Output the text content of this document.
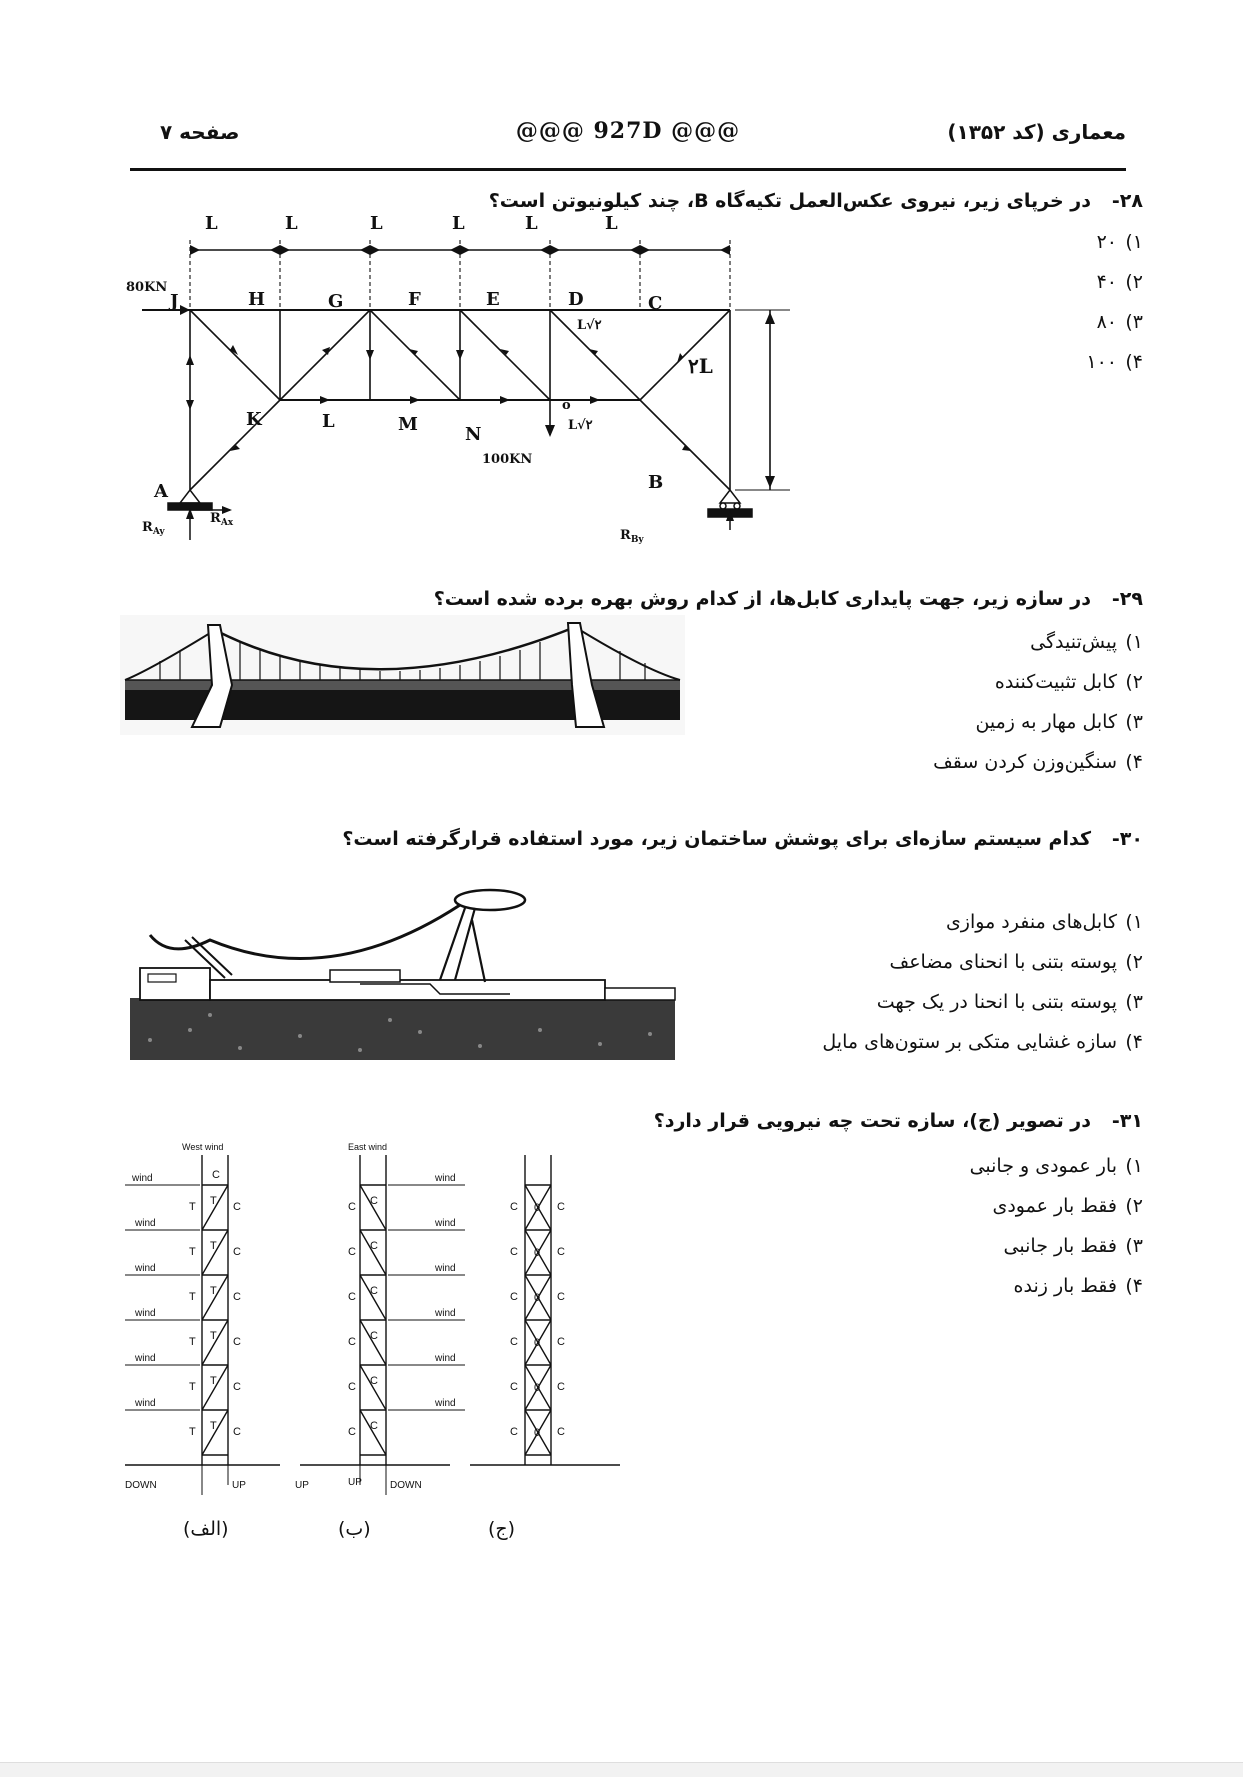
معماری (کد ۱۳۵۲)
@@@ 927D @@@
صفحه ۷
۲۸-در خرپای زیر، نیروی عکس‌العمل تکیه‌گاه B، چند کیلونیوتن است؟
۱)۲۰
۲)۴۰
۳)۸۰
۴)۱۰۰
L	L	L	L	L	L
J	H	G	F	E	D	C
K	L	M	N
A	B
۲L
o
80KN
100KN
L√۲
L√۲
$R_{Ax}$
$R_{Ay}$	$R_{By}$
۲۹-در سازه زیر، جهت پایداری کابل‌ها، از کدام روش بهره برده شده است؟
۱)پیش‌تنیدگی
۲)کابل تثبیت‌کننده
۳)کابل مهار به زمین
۴)سنگین‌وزن کردن سقف
۳۰-کدام سیستم سازه‌ای برای پوشش ساختمان زیر، مورد استفاده قرارگرفته است؟
۱)کابل‌های منفرد موازی
۲)پوسته بتنی با انحنای مضاعف
۳)پوسته بتنی با انحنا در یک جهت
۴)سازه غشایی متکی بر ستون‌های مایل
۳۱-در تصویر (ج)، سازه تحت چه نیرویی قرار دارد؟
۱)بار عمودی و جانبی
۲)فقط بار عمودی
۳)فقط بار جانبی
۴)فقط بار زنده
West wind	East wind
wind
wind
wind
wind
wind
wind
wind
wind
wind
wind
wind
wind
DOWN	UP	UP	UP	DOWN
T
T
T
T
T
T
T
T
T
T
T
T
C
C
C
C
C
C
C
C
C
C
C
C
C
C
C
C
C
C
C
C
C
C
C
C
C
C
C
C
C
C
C
0
0
0
0
0
0
(الف)	(ب)	(ج)
